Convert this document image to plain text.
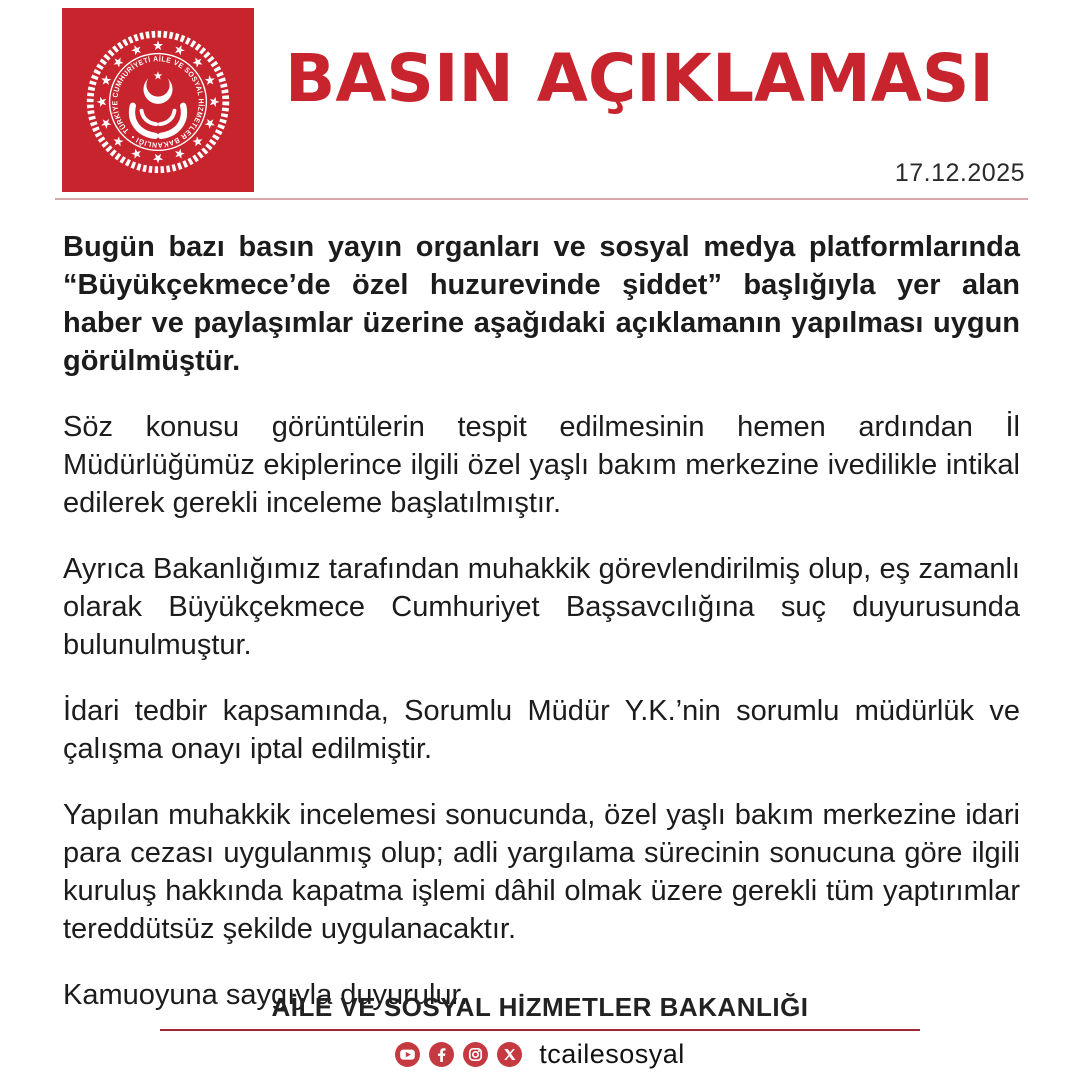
TÜRKİYE CUMHURİYETİ AİLE VE SOSYAL HİZMETLER BAKANLIĞI •
BASIN AÇIKLAMASI
17.12.2025

Bugün bazı basın yayın organları ve sosyal medya platformlarında “Büyükçekmece’de özel huzurevinde şiddet” başlığıyla yer alan haber ve paylaşımlar üzerine aşağıdaki açıklamanın yapılması uygun görülmüştür.

Söz konusu görüntülerin tespit edilmesinin hemen ardından İl Müdürlüğümüz ekiplerince ilgili özel yaşlı bakım merkezine ivedilikle intikal edilerek gerekli inceleme başlatılmıştır.

Ayrıca Bakanlığımız tarafından muhakkik görevlendirilmiş olup, eş zamanlı olarak Büyükçekmece Cumhuriyet Başsavcılığına suç duyurusunda bulunulmuştur.

İdari tedbir kapsamında, Sorumlu Müdür Y.K.’nin sorumlu müdürlük ve çalışma onayı iptal edilmiştir.

Yapılan muhakkik incelemesi sonucunda, özel yaşlı bakım merkezine idari para cezası uygulanmış olup; adli yargılama sürecinin sonucuna göre ilgili kuruluş hakkında kapatma işlemi dâhil olmak üzere gerekli tüm yaptırımlar tereddütsüz şekilde uygulanacaktır.

Kamuoyuna saygıyla duyurulur.

AİLE VE SOSYAL HİZMETLER BAKANLIĞI
tcailesosyal
